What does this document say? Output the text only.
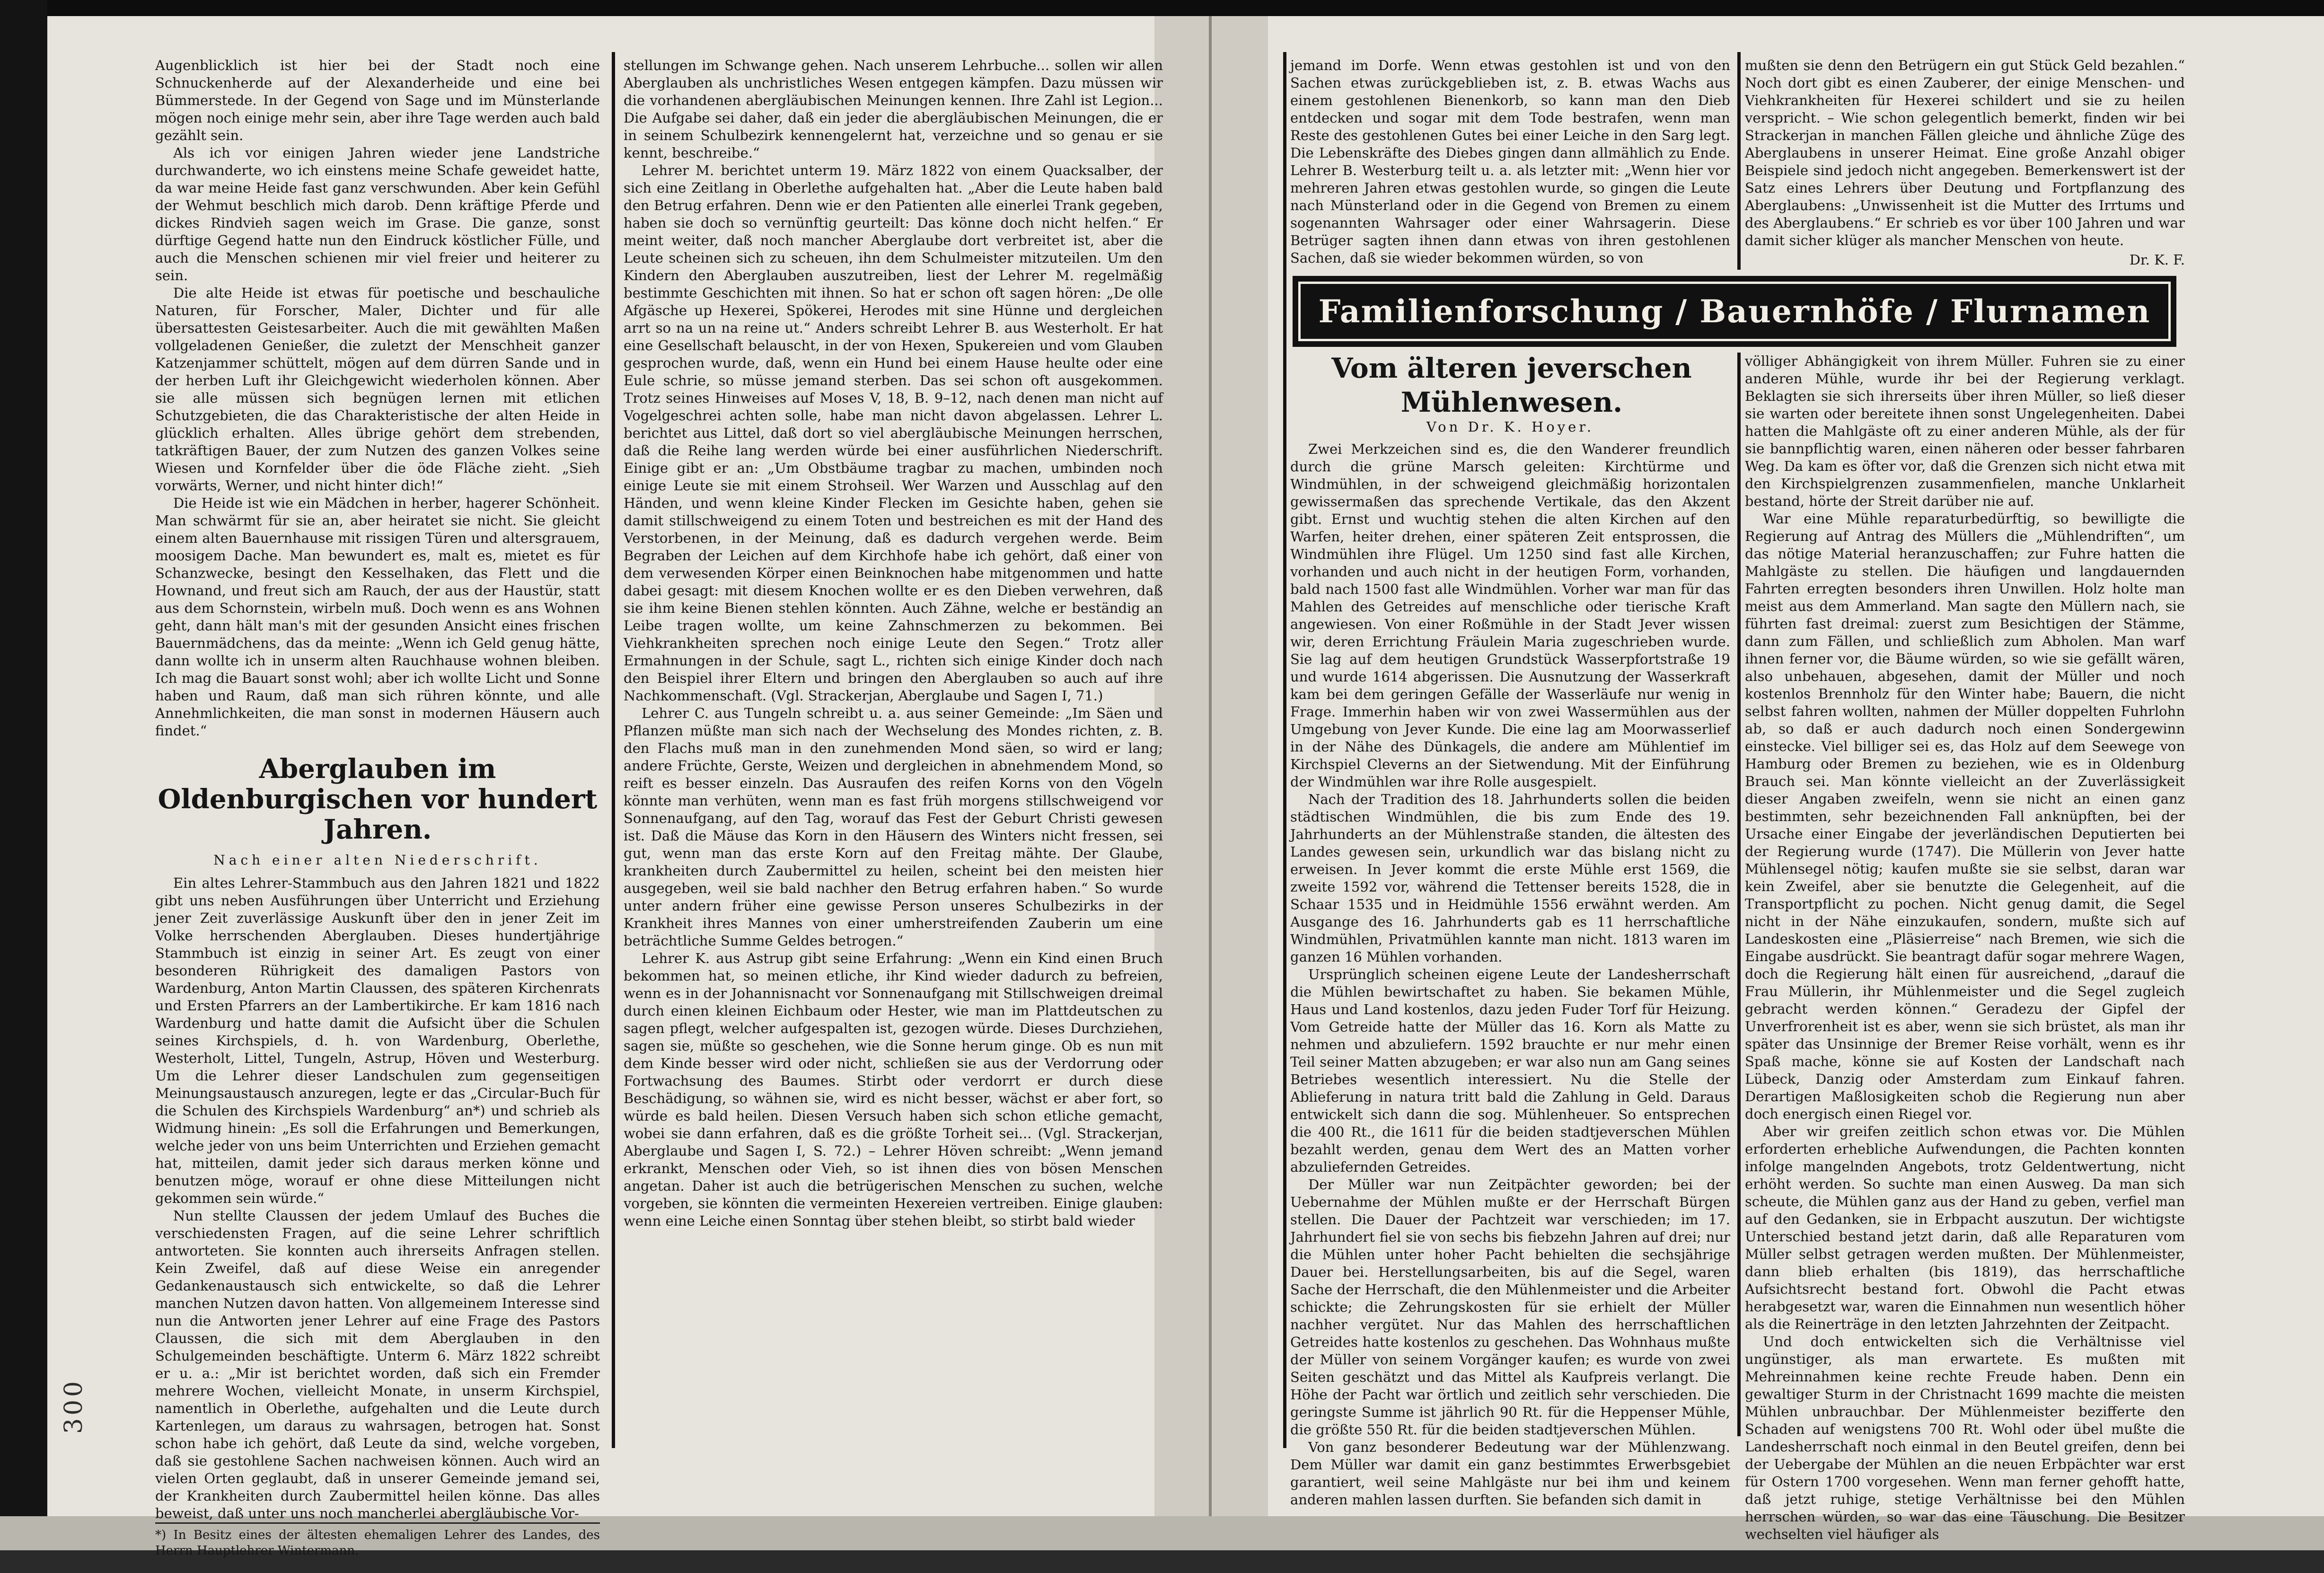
300

Augenblicklich ist hier bei der Stadt noch eine Schnuckenherde auf der Alexanderheide und eine bei Bümmerstede. In der Gegend von Sage und im Münsterlande mögen noch einige mehr sein, aber ihre Tage werden auch bald gezählt sein.

Als ich vor einigen Jahren wieder jene Landstriche durchwanderte, wo ich einstens meine Schafe geweidet hatte, da war meine Heide fast ganz verschwunden. Aber kein Gefühl der Wehmut beschlich mich darob. Denn kräftige Pferde und dickes Rindvieh sagen weich im Grase. Die ganze, sonst dürftige Gegend hatte nun den Eindruck köstlicher Fülle, und auch die Menschen schienen mir viel freier und heiterer zu sein.

Die alte Heide ist etwas für poetische und beschauliche Naturen, für Forscher, Maler, Dichter und für alle übersattesten Geistesarbeiter. Auch die mit gewählten Maßen vollgeladenen Genießer, die zuletzt der Menschheit ganzer Katzenjammer schüttelt, mögen auf dem dürren Sande und in der herben Luft ihr Gleichgewicht wiederholen können. Aber sie alle müssen sich begnügen lernen mit etlichen Schutzgebieten, die das Charakteristische der alten Heide in glücklich erhalten. Alles übrige gehört dem strebenden, tatkräftigen Bauer, der zum Nutzen des ganzen Volkes seine Wiesen und Kornfelder über die öde Fläche zieht. „Sieh vorwärts, Werner, und nicht hinter dich!“

Die Heide ist wie ein Mädchen in herber, hagerer Schönheit. Man schwärmt für sie an, aber heiratet sie nicht. Sie gleicht einem alten Bauernhause mit rissigen Türen und altersgrauem, moosigem Dache. Man bewundert es, malt es, mietet es für Schanzwecke, besingt den Kesselhaken, das Flett und die Hownand, und freut sich am Rauch, der aus der Haustür, statt aus dem Schornstein, wirbeln muß. Doch wenn es ans Wohnen geht, dann hält man's mit der gesunden Ansicht eines frischen Bauernmädchens, das da meinte: „Wenn ich Geld genug hätte, dann wollte ich in unserm alten Rauchhause wohnen bleiben. Ich mag die Bauart sonst wohl; aber ich wollte Licht und Sonne haben und Raum, daß man sich rühren könnte, und alle Annehmlichkeiten, die man sonst in modernen Häusern auch findet.“

Aberglauben im Oldenburgischen vor hundert Jahren.
Nach einer alten Niederschrift.

Ein altes Lehrer-Stammbuch aus den Jahren 1821 und 1822 gibt uns neben Ausführungen über Unterricht und Erziehung jener Zeit zuverlässige Auskunft über den in jener Zeit im Volke herrschenden Aberglauben. Dieses hundertjährige Stammbuch ist einzig in seiner Art. Es zeugt von einer besonderen Rührigkeit des damaligen Pastors von Wardenburg, Anton Martin Claussen, des späteren Kirchenrats und Ersten Pfarrers an der Lambertikirche. Er kam 1816 nach Wardenburg und hatte damit die Aufsicht über die Schulen seines Kirchspiels, d. h. von Wardenburg, Oberlethe, Westerholt, Littel, Tungeln, Astrup, Höven und Westerburg. Um die Lehrer dieser Landschulen zum gegenseitigen Meinungsaustausch anzuregen, legte er das „Circular-Buch für die Schulen des Kirchspiels Wardenburg“ an*) und schrieb als Widmung hinein: „Es soll die Erfahrungen und Bemerkungen, welche jeder von uns beim Unterrichten und Erziehen gemacht hat, mitteilen, damit jeder sich daraus merken könne und benutzen möge, worauf er ohne diese Mitteilungen nicht gekommen sein würde.“

Nun stellte Claussen der jedem Umlauf des Buches die verschiedensten Fragen, auf die seine Lehrer schriftlich antworteten. Sie konnten auch ihrerseits Anfragen stellen. Kein Zweifel, daß auf diese Weise ein anregender Gedankenaustausch sich entwickelte, so daß die Lehrer manchen Nutzen davon hatten. Von allgemeinem Interesse sind nun die Antworten jener Lehrer auf eine Frage des Pastors Claussen, die sich mit dem Aberglauben in den Schulgemeinden beschäftigte. Unterm 6. März 1822 schreibt er u. a.: „Mir ist berichtet worden, daß sich ein Fremder mehrere Wochen, vielleicht Monate, in unserm Kirchspiel, namentlich in Oberlethe, aufgehalten und die Leute durch Kartenlegen, um daraus zu wahrsagen, betrogen hat. Sonst schon habe ich gehört, daß Leute da sind, welche vorgeben, daß sie gestohlene Sachen nachweisen können. Auch wird an vielen Orten geglaubt, daß in unserer Gemeinde jemand sei, der Krankheiten durch Zaubermittel heilen könne. Das alles beweist, daß unter uns noch mancherlei abergläubische Vor-

*) In Besitz eines der ältesten ehemaligen Lehrer des Landes, des Herrn Hauptlehrer Wintermann.

stellungen im Schwange gehen. Nach unserem Lehrbuche... sollen wir allen Aberglauben als unchristliches Wesen entgegen kämpfen. Dazu müssen wir die vorhandenen abergläubischen Meinungen kennen. Ihre Zahl ist Legion... Die Aufgabe sei daher, daß ein jeder die abergläubischen Meinungen, die er in seinem Schulbezirk kennengelernt hat, verzeichne und so genau er sie kennt, beschreibe.“

Lehrer M. berichtet unterm 19. März 1822 von einem Quacksalber, der sich eine Zeitlang in Oberlethe aufgehalten hat. „Aber die Leute haben bald den Betrug erfahren. Denn wie er den Patienten alle einerlei Trank gegeben, haben sie doch so vernünftig geurteilt: Das könne doch nicht helfen.“ Er meint weiter, daß noch mancher Aberglaube dort verbreitet ist, aber die Leute scheinen sich zu scheuen, ihn dem Schulmeister mitzuteilen. Um den Kindern den Aberglauben auszutreiben, liest der Lehrer M. regelmäßig bestimmte Geschichten mit ihnen. So hat er schon oft sagen hören: „De olle Afgäsche up Hexerei, Spökerei, Herodes mit sine Hünne und dergleichen arrt so na un na reine ut.“ Anders schreibt Lehrer B. aus Westerholt. Er hat eine Gesellschaft belauscht, in der von Hexen, Spukereien und vom Glauben gesprochen wurde, daß, wenn ein Hund bei einem Hause heulte oder eine Eule schrie, so müsse jemand sterben. Das sei schon oft ausgekommen. Trotz seines Hinweises auf Moses V, 18, B. 9–12, nach denen man nicht auf Vogelgeschrei achten solle, habe man nicht davon abgelassen. Lehrer L. berichtet aus Littel, daß dort so viel abergläubische Meinungen herrschen, daß die Reihe lang werden würde bei einer ausführlichen Niederschrift. Einige gibt er an: „Um Obstbäume tragbar zu machen, umbinden noch einige Leute sie mit einem Strohseil. Wer Warzen und Ausschlag auf den Händen, und wenn kleine Kinder Flecken im Gesichte haben, gehen sie damit stillschweigend zu einem Toten und bestreichen es mit der Hand des Verstorbenen, in der Meinung, daß es dadurch vergehen werde. Beim Begraben der Leichen auf dem Kirchhofe habe ich gehört, daß einer von dem verwesenden Körper einen Beinknochen habe mitgenommen und hatte dabei gesagt: mit diesem Knochen wollte er es den Dieben verwehren, daß sie ihm keine Bienen stehlen könnten. Auch Zähne, welche er beständig an Leibe tragen wollte, um keine Zahnschmerzen zu bekommen. Bei Viehkrankheiten sprechen noch einige Leute den Segen.“ Trotz aller Ermahnungen in der Schule, sagt L., richten sich einige Kinder doch nach den Beispiel ihrer Eltern und bringen den Aberglauben so auch auf ihre Nachkommenschaft. (Vgl. Strackerjan, Aberglaube und Sagen I, 71.)

Lehrer C. aus Tungeln schreibt u. a. aus seiner Gemeinde: „Im Säen und Pflanzen müßte man sich nach der Wechselung des Mondes richten, z. B. den Flachs muß man in den zunehmenden Mond säen, so wird er lang; andere Früchte, Gerste, Weizen und dergleichen in abnehmendem Mond, so reift es besser einzeln. Das Ausraufen des reifen Korns von den Vögeln könnte man verhüten, wenn man es fast früh morgens stillschweigend vor Sonnenaufgang, auf den Tag, worauf das Fest der Geburt Christi gewesen ist. Daß die Mäuse das Korn in den Häusern des Winters nicht fressen, sei gut, wenn man das erste Korn auf den Freitag mähte. Der Glaube, krankheiten durch Zaubermittel zu heilen, scheint bei den meisten hier ausgegeben, weil sie bald nachher den Betrug erfahren haben.“ So wurde unter andern früher eine gewisse Person unseres Schulbezirks in der Krankheit ihres Mannes von einer umherstreifenden Zauberin um eine beträchtliche Summe Geldes betrogen.“

Lehrer K. aus Astrup gibt seine Erfahrung: „Wenn ein Kind einen Bruch bekommen hat, so meinen etliche, ihr Kind wieder dadurch zu befreien, wenn es in der Johannisnacht vor Sonnenaufgang mit Stillschweigen dreimal durch einen kleinen Eichbaum oder Hester, wie man im Plattdeutschen zu sagen pflegt, welcher aufgespalten ist, gezogen würde. Dieses Durchziehen, sagen sie, müßte so geschehen, wie die Sonne herum ginge. Ob es nun mit dem Kinde besser wird oder nicht, schließen sie aus der Verdorrung oder Fortwachsung des Baumes. Stirbt oder verdorrt er durch diese Beschädigung, so wähnen sie, wird es nicht besser, wächst er aber fort, so würde es bald heilen. Diesen Versuch haben sich schon etliche gemacht, wobei sie dann erfahren, daß es die größte Torheit sei... (Vgl. Strackerjan, Aberglaube und Sagen I, S. 72.) – Lehrer Höven schreibt: „Wenn jemand erkrankt, Menschen oder Vieh, so ist ihnen dies von bösen Menschen angetan. Daher ist auch die betrügerischen Menschen zu suchen, welche vorgeben, sie könnten die vermeinten Hexereien vertreiben. Einige glauben: wenn eine Leiche einen Sonntag über stehen bleibt, so stirbt bald wieder

jemand im Dorfe. Wenn etwas gestohlen ist und von den Sachen etwas zurückgeblieben ist, z. B. etwas Wachs aus einem gestohlenen Bienenkorb, so kann man den Dieb entdecken und sogar mit dem Tode bestrafen, wenn man Reste des gestohlenen Gutes bei einer Leiche in den Sarg legt. Die Lebenskräfte des Diebes gingen dann allmählich zu Ende. Lehrer B. Westerburg teilt u. a. als letzter mit: „Wenn hier vor mehreren Jahren etwas gestohlen wurde, so gingen die Leute nach Münsterland oder in die Gegend von Bremen zu einem sogenannten Wahrsager oder einer Wahrsagerin. Diese Betrüger sagten ihnen dann etwas von ihren gestohlenen Sachen, daß sie wieder bekommen würden, so von

Familienforschung / Bauernhöfe / Flurnamen
Vom älteren jeverschen Mühlenwesen.
Von Dr. K. Hoyer.

Zwei Merkzeichen sind es, die den Wanderer freundlich durch die grüne Marsch geleiten: Kirchtürme und Windmühlen, in der schweigend gleichmäßig horizontalen gewissermaßen das sprechende Vertikale, das den Akzent gibt. Ernst und wuchtig stehen die alten Kirchen auf den Warfen, heiter drehen, einer späteren Zeit entsprossen, die Windmühlen ihre Flügel. Um 1250 sind fast alle Kirchen, vorhanden und auch nicht in der heutigen Form, vorhanden, bald nach 1500 fast alle Windmühlen. Vorher war man für das Mahlen des Getreides auf menschliche oder tierische Kraft angewiesen. Von einer Roßmühle in der Stadt Jever wissen wir, deren Errichtung Fräulein Maria zugeschrieben wurde. Sie lag auf dem heutigen Grundstück Wasserpfortstraße 19 und wurde 1614 abgerissen. Die Ausnutzung der Wasserkraft kam bei dem geringen Gefälle der Wasserläufe nur wenig in Frage. Immerhin haben wir von zwei Wassermühlen aus der Umgebung von Jever Kunde. Die eine lag am Moorwasserlief in der Nähe des Dünkagels, die andere am Mühlentief im Kirchspiel Cleverns an der Sietwendung. Mit der Einführung der Windmühlen war ihre Rolle ausgespielt.

Nach der Tradition des 18. Jahrhunderts sollen die beiden städtischen Windmühlen, die bis zum Ende des 19. Jahrhunderts an der Mühlenstraße standen, die ältesten des Landes gewesen sein, urkundlich war das bislang nicht zu erweisen. In Jever kommt die erste Mühle erst 1569, die zweite 1592 vor, während die Tettenser bereits 1528, die in Schaar 1535 und in Heidmühle 1556 erwähnt werden. Am Ausgange des 16. Jahrhunderts gab es 11 herrschaftliche Windmühlen, Privatmühlen kannte man nicht. 1813 waren im ganzen 16 Mühlen vorhanden.

Ursprünglich scheinen eigene Leute der Landesherrschaft die Mühlen bewirtschaftet zu haben. Sie bekamen Mühle, Haus und Land kostenlos, dazu jeden Fuder Torf für Heizung. Vom Getreide hatte der Müller das 16. Korn als Matte zu nehmen und abzuliefern. 1592 brauchte er nur mehr einen Teil seiner Matten abzugeben; er war also nun am Gang seines Betriebes wesentlich interessiert. Nu die Stelle der Ablieferung in natura tritt bald die Zahlung in Geld. Daraus entwickelt sich dann die sog. Mühlenheuer. So entsprechen die 400 Rt., die 1611 für die beiden stadtjeverschen Mühlen bezahlt werden, genau dem Wert des an Matten vorher abzuliefernden Getreides.

Der Müller war nun Zeitpächter geworden; bei der Uebernahme der Mühlen mußte er der Herrschaft Bürgen stellen. Die Dauer der Pachtzeit war verschieden; im 17. Jahrhundert fiel sie von sechs bis fiebzehn Jahren auf drei; nur die Mühlen unter hoher Pacht behielten die sechsjährige Dauer bei. Herstellungsarbeiten, bis auf die Segel, waren Sache der Herrschaft, die den Mühlenmeister und die Arbeiter schickte; die Zehrungskosten für sie erhielt der Müller nachher vergütet. Nur das Mahlen des herrschaftlichen Getreides hatte kostenlos zu geschehen. Das Wohnhaus mußte der Müller von seinem Vorgänger kaufen; es wurde von zwei Seiten geschätzt und das Mittel als Kaufpreis verlangt. Die Höhe der Pacht war örtlich und zeitlich sehr verschieden. Die geringste Summe ist jährlich 90 Rt. für die Heppenser Mühle, die größte 550 Rt. für die beiden stadtjeverschen Mühlen.

Von ganz besonderer Bedeutung war der Mühlenzwang. Dem Müller war damit ein ganz bestimmtes Erwerbsgebiet garantiert, weil seine Mahlgäste nur bei ihm und keinem anderen mahlen lassen durften. Sie befanden sich damit in

mußten sie denn den Betrügern ein gut Stück Geld bezahlen.“ Noch dort gibt es einen Zauberer, der einige Menschen- und Viehkrankheiten für Hexerei schildert und sie zu heilen verspricht. – Wie schon gelegentlich bemerkt, finden wir bei Strackerjan in manchen Fällen gleiche und ähnliche Züge des Aberglaubens in unserer Heimat. Eine große Anzahl obiger Beispiele sind jedoch nicht angegeben. Bemerkenswert ist der Satz eines Lehrers über Deutung und Fortpflanzung des Aberglaubens: „Unwissenheit ist die Mutter des Irrtums und des Aberglaubens.“ Er schrieb es vor über 100 Jahren und war damit sicher klüger als mancher Menschen von heute.

Dr. K. F.

völliger Abhängigkeit von ihrem Müller. Fuhren sie zu einer anderen Mühle, wurde ihr bei der Regierung verklagt. Beklagten sie sich ihrerseits über ihren Müller, so ließ dieser sie warten oder bereitete ihnen sonst Ungelegenheiten. Dabei hatten die Mahlgäste oft zu einer anderen Mühle, als der für sie bannpflichtig waren, einen näheren oder besser fahrbaren Weg. Da kam es öfter vor, daß die Grenzen sich nicht etwa mit den Kirchspielgrenzen zusammenfielen, manche Unklarheit bestand, hörte der Streit darüber nie auf.

War eine Mühle reparaturbedürftig, so bewilligte die Regierung auf Antrag des Müllers die „Mühlendriften“, um das nötige Material heranzuschaffen; zur Fuhre hatten die Mahlgäste zu stellen. Die häufigen und langdauernden Fahrten erregten besonders ihren Unwillen. Holz holte man meist aus dem Ammerland. Man sagte den Müllern nach, sie führten fast dreimal: zuerst zum Besichtigen der Stämme, dann zum Fällen, und schließlich zum Abholen. Man warf ihnen ferner vor, die Bäume würden, so wie sie gefällt wären, also unbehauen, abgesehen, damit der Müller und noch kostenlos Brennholz für den Winter habe; Bauern, die nicht selbst fahren wollten, nahmen der Müller doppelten Fuhrlohn ab, so daß er auch dadurch noch einen Sondergewinn einstecke. Viel billiger sei es, das Holz auf dem Seewege von Hamburg oder Bremen zu beziehen, wie es in Oldenburg Brauch sei. Man könnte vielleicht an der Zuverlässigkeit dieser Angaben zweifeln, wenn sie nicht an einen ganz bestimmten, sehr bezeichnenden Fall anknüpften, bei der Ursache einer Eingabe der jeverländischen Deputierten bei der Regierung wurde (1747). Die Müllerin von Jever hatte Mühlensegel nötig; kaufen mußte sie sie selbst, daran war kein Zweifel, aber sie benutzte die Gelegenheit, auf die Transportpflicht zu pochen. Nicht genug damit, die Segel nicht in der Nähe einzukaufen, sondern, mußte sich auf Landeskosten eine „Pläsierreise“ nach Bremen, wie sich die Eingabe ausdrückt. Sie beantragt dafür sogar mehrere Wagen, doch die Regierung hält einen für ausreichend, „darauf die Frau Müllerin, ihr Mühlenmeister und die Segel zugleich gebracht werden können.“ Geradezu der Gipfel der Unverfrorenheit ist es aber, wenn sie sich brüstet, als man ihr später das Unsinnige der Bremer Reise vorhält, wenn es ihr Spaß mache, könne sie auf Kosten der Landschaft nach Lübeck, Danzig oder Amsterdam zum Einkauf fahren. Derartigen Maßlosigkeiten schob die Regierung nun aber doch energisch einen Riegel vor.

Aber wir greifen zeitlich schon etwas vor. Die Mühlen erforderten erhebliche Aufwendungen, die Pachten konnten infolge mangelnden Angebots, trotz Geldentwertung, nicht erhöht werden. So suchte man einen Ausweg. Da man sich scheute, die Mühlen ganz aus der Hand zu geben, verfiel man auf den Gedanken, sie in Erbpacht auszutun. Der wichtigste Unterschied bestand jetzt darin, daß alle Reparaturen vom Müller selbst getragen werden mußten. Der Mühlenmeister, dann blieb erhalten (bis 1819), das herrschaftliche Aufsichtsrecht bestand fort. Obwohl die Pacht etwas herabgesetzt war, waren die Einnahmen nun wesentlich höher als die Reinerträge in den letzten Jahrzehnten der Zeitpacht.

Und doch entwickelten sich die Verhältnisse viel ungünstiger, als man erwartete. Es mußten mit Mehreinnahmen keine rechte Freude haben. Denn ein gewaltiger Sturm in der Christnacht 1699 machte die meisten Mühlen unbrauchbar. Der Mühlenmeister bezifferte den Schaden auf wenigstens 700 Rt. Wohl oder übel mußte die Landesherrschaft noch einmal in den Beutel greifen, denn bei der Uebergabe der Mühlen an die neuen Erbpächter war erst für Ostern 1700 vorgesehen. Wenn man ferner gehofft hatte, daß jetzt ruhige, stetige Verhältnisse bei den Mühlen herrschen würden, so war das eine Täuschung. Die Besitzer wechselten viel häufiger als
